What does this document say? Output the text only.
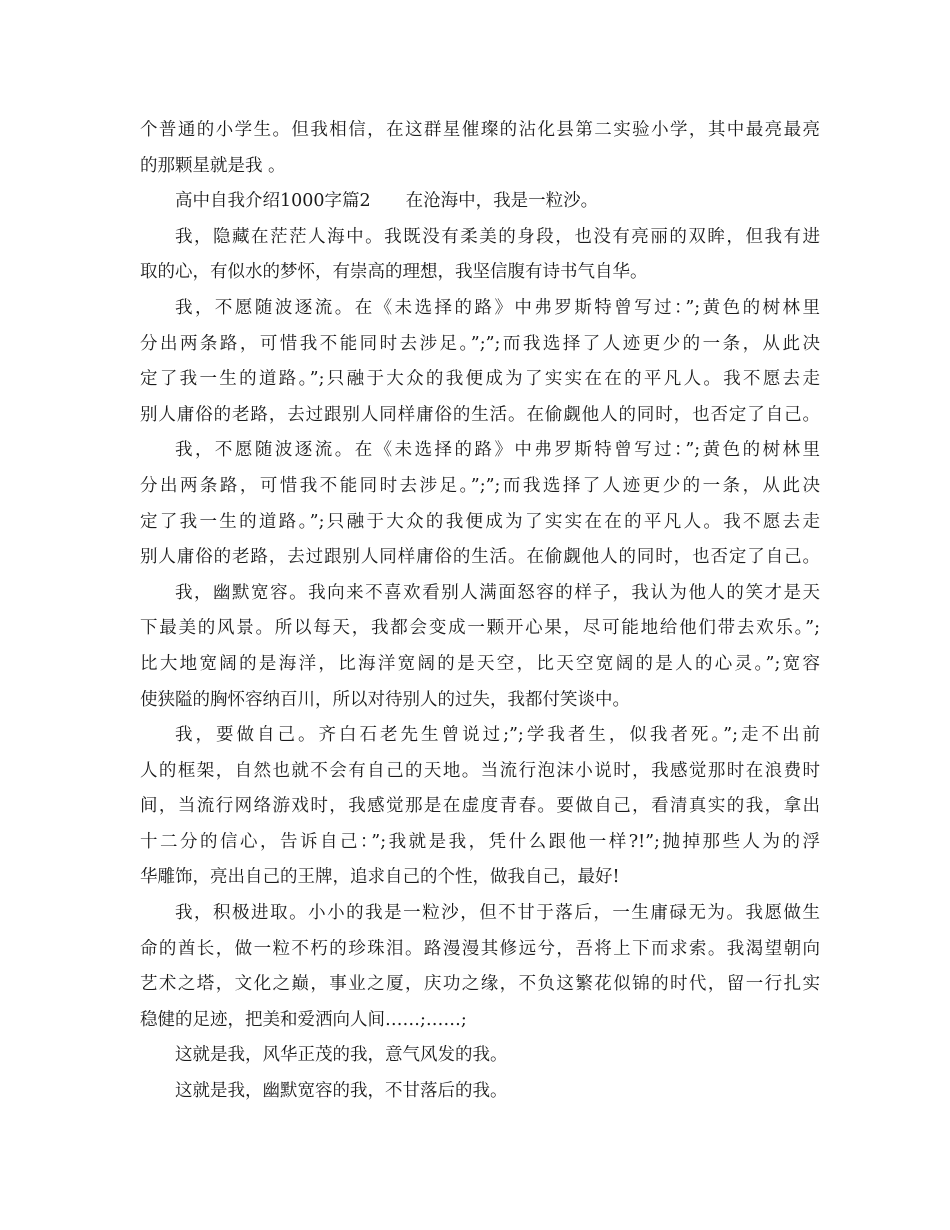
个普通的小学生。但我相信，在这群星催璨的沾化县第二实验小学，其中最亮最亮
的那颗星就是我 。
高中自我介绍1000字篇2　　在沧海中，我是一粒沙。
我，隐藏在茫茫人海中。我既没有柔美的身段，也没有亮丽的双眸，但我有进
取的心，有似水的梦怀，有崇高的理想，我坚信腹有诗书气自华。
我，不愿随波逐流。在《未选择的路》中弗罗斯特曾写过：”;黄色的树林里
分出两条路，可惜我不能同时去涉足。”;”;而我选择了人迹更少的一条，从此决
定了我一生的道路。”;只融于大众的我便成为了实实在在的平凡人。我不愿去走
别人庸俗的老路，去过跟别人同样庸俗的生活。在偷觑他人的同时，也否定了自己。
我，不愿随波逐流。在《未选择的路》中弗罗斯特曾写过：”;黄色的树林里
分出两条路，可惜我不能同时去涉足。”;”;而我选择了人迹更少的一条，从此决
定了我一生的道路。”;只融于大众的我便成为了实实在在的平凡人。我不愿去走
别人庸俗的老路，去过跟别人同样庸俗的生活。在偷觑他人的同时，也否定了自己。
我，幽默宽容。我向来不喜欢看别人满面怒容的样子，我认为他人的笑才是天
下最美的风景。所以每天，我都会变成一颗开心果，尽可能地给他们带去欢乐。”;
比大地宽阔的是海洋，比海洋宽阔的是天空，比天空宽阔的是人的心灵。”;宽容
使狭隘的胸怀容纳百川，所以对待别人的过失，我都付笑谈中。
我，要做自己。齐白石老先生曾说过;”;学我者生，似我者死。”;走不出前
人的框架，自然也就不会有自己的天地。当流行泡沫小说时，我感觉那时在浪费时
间，当流行网络游戏时，我感觉那是在虚度青春。要做自己，看清真实的我，拿出
十二分的信心，告诉自己：”;我就是我，凭什么跟他一样?!”;抛掉那些人为的浮
华雕饰，亮出自己的王牌，追求自己的个性，做我自己，最好!
我，积极进取。小小的我是一粒沙，但不甘于落后，一生庸碌无为。我愿做生
命的酋长，做一粒不朽的珍珠泪。路漫漫其修远兮，吾将上下而求索。我渴望朝向
艺术之塔，文化之巅，事业之厦，庆功之缘，不负这繁花似锦的时代，留一行扎实
稳健的足迹，把美和爱洒向人间……;……;
这就是我，风华正茂的我，意气风发的我。
这就是我，幽默宽容的我，不甘落后的我。
